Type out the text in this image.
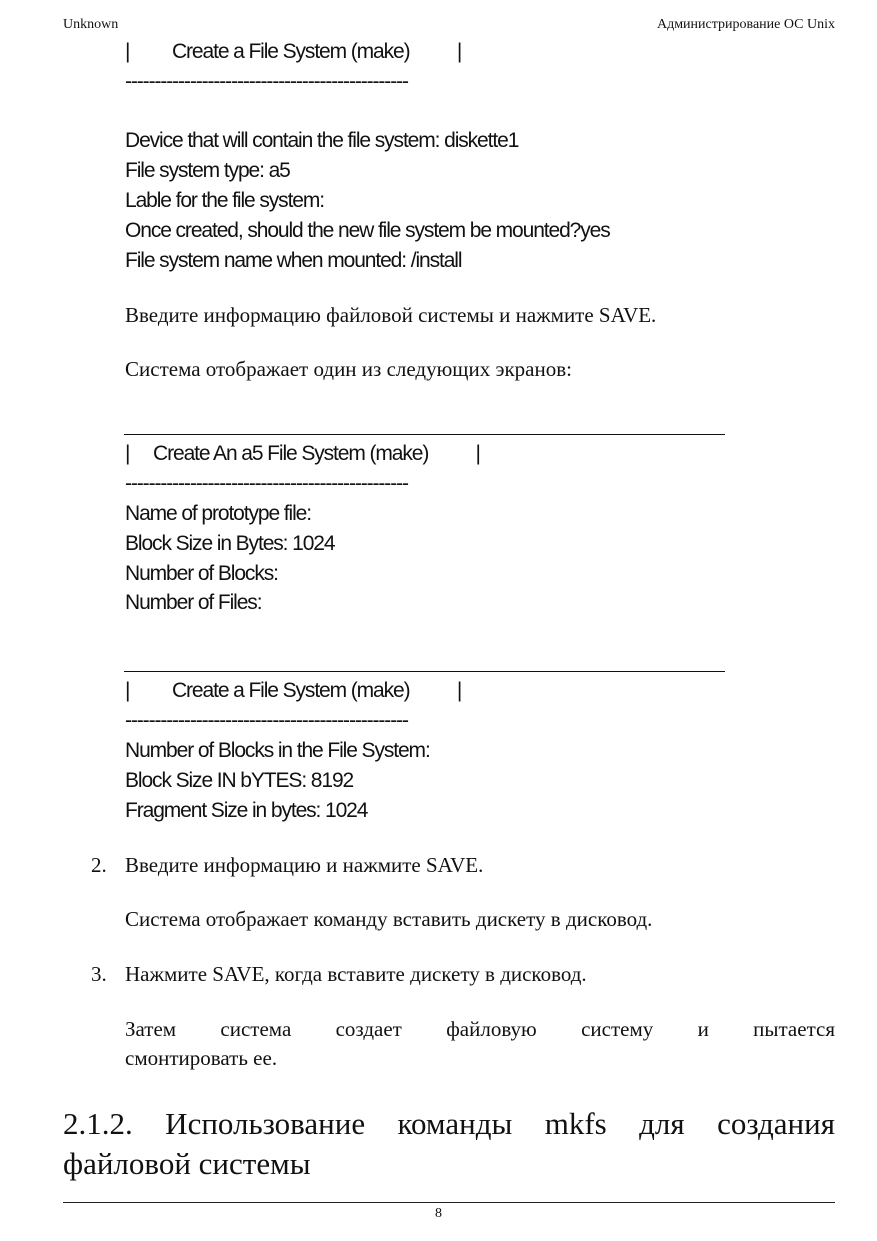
Unknown	Администрирование ОС Unix
|         Create a File System (make)          |
------------------------------------------------
Device that will contain the file system: diskette1
File system type: a5
Lable for the file system:
Once created, should the new file system be mounted?yes
File system name when mounted: /install
Введите информацию файловой системы и нажмите SAVE.
Система отображает один из следующих экранов:
|     Create An a5 File System (make)          |
------------------------------------------------
Name of prototype file:
Block Size in Bytes: 1024
Number of Blocks:
Number of Files:
|         Create a File System (make)          |
------------------------------------------------
Number of Blocks in the File System:
Block Size IN bYTES: 8192
Fragment Size in bytes: 1024
2. Введите информацию и нажмите SAVE.
Система отображает команду вставить дискету в дисковод.
3. Нажмите SAVE, когда вставите дискету в дисковод.
Затем система создает файловую систему и пытается
смонтировать ее.
2.1.2. Использование команды mkfs для создания
файловой системы
8
